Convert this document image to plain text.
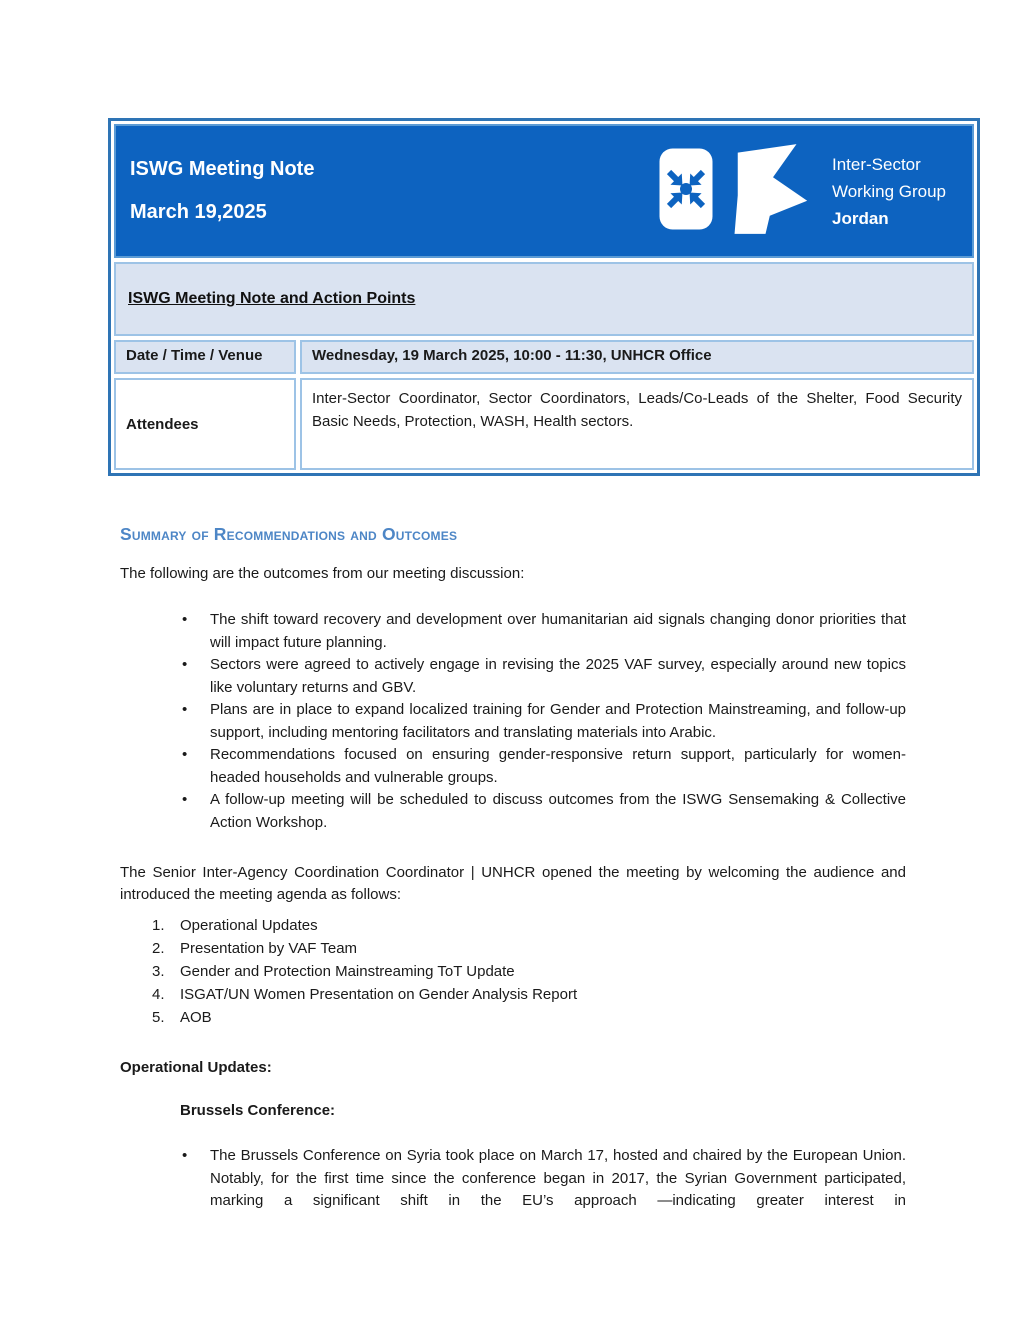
ISWG Meeting Note
March 19,2025
Inter-Sector
Working Group
Jordan
ISWG Meeting Note and Action Points
Date / Time / Venue	Wednesday, 19 March 2025, 10:00 - 11:30, UNHCR Office
Attendees
Inter-Sector Coordinator, Sector Coordinators, Leads/Co-Leads of the Shelter, Food Security Basic Needs, Protection, WASH, Health sectors.
Summary of Recommendations and Outcomes

The following are the outcomes from our meeting discussion:

• The shift toward recovery and development over humanitarian aid signals changing donor priorities that will impact future planning.
• Sectors were agreed to actively engage in revising the 2025 VAF survey, especially around new topics like voluntary returns and GBV.
• Plans are in place to expand localized training for Gender and Protection Mainstreaming, and follow-up support, including mentoring facilitators and translating materials into Arabic.
• Recommendations focused on ensuring gender-responsive return support, particularly for women-headed households and vulnerable groups.
• A follow-up meeting will be scheduled to discuss outcomes from the ISWG Sensemaking & Collective Action Workshop.

The Senior Inter-Agency Coordination Coordinator | UNHCR opened the meeting by welcoming the audience and introduced the meeting agenda as follows:

Operational Updates
Presentation by VAF Team
Gender and Protection Mainstreaming ToT Update
ISGAT/UN Women Presentation on Gender Analysis Report
AOB

Operational Updates:

Brussels Conference:

• The Brussels Conference on Syria took place on March 17, hosted and chaired by the European Union. Notably, for the first time since the conference began in 2017, the Syrian Government participated, marking a significant shift in the EU’s approach —indicating greater interest in
